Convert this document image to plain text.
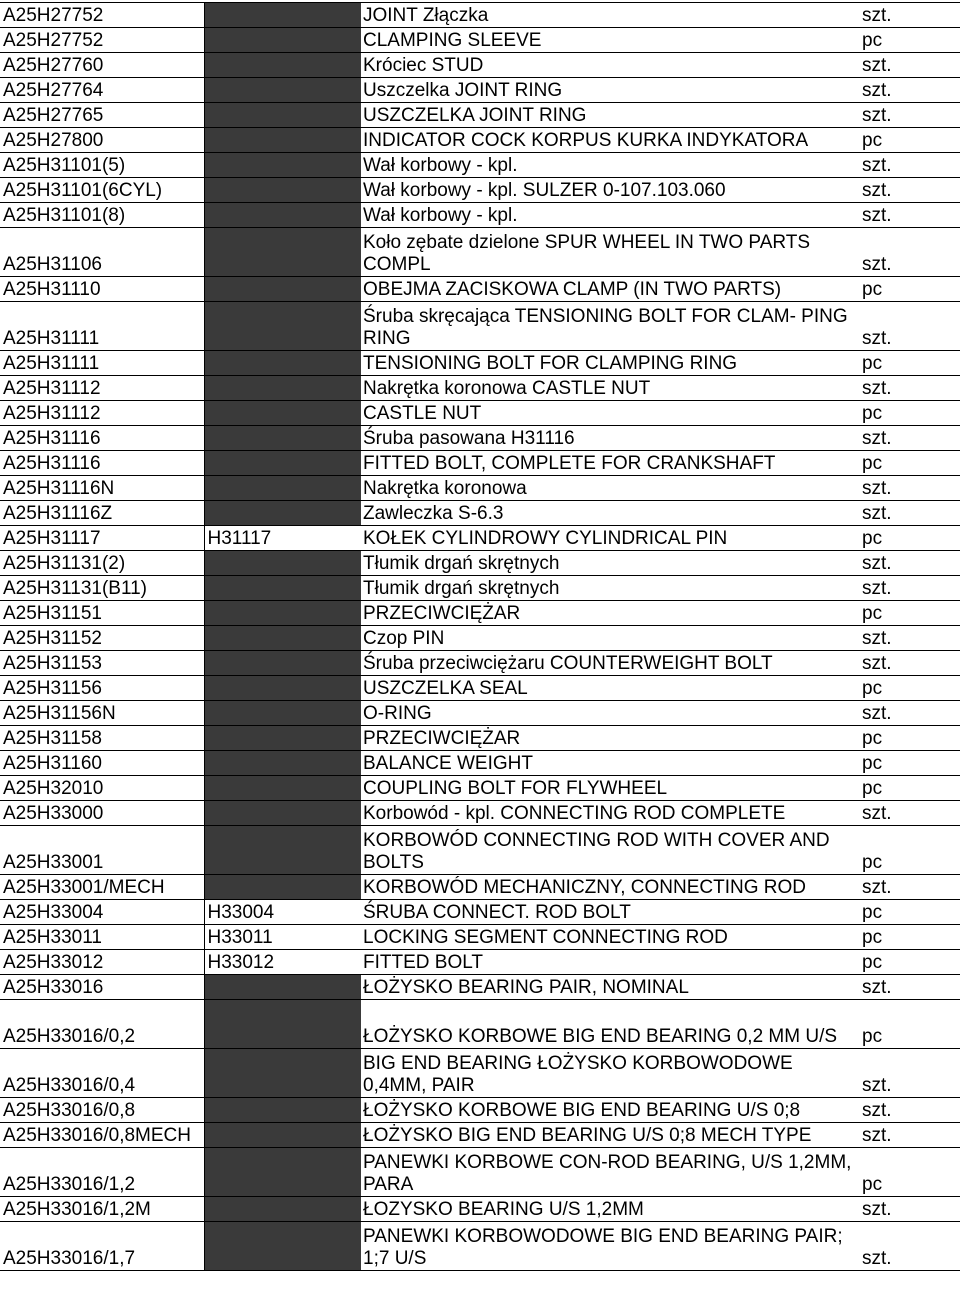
A25H27752		JOINT Złączka	szt.
A25H27752		CLAMPING SLEEVE	pc
A25H27760		Króciec STUD	szt.
A25H27764		Uszczelka JOINT RING	szt.
A25H27765		USZCZELKA JOINT RING	szt.
A25H27800		INDICATOR COCK KORPUS KURKA INDYKATORA	pc
A25H31101(5)		Wał korbowy - kpl.	szt.
A25H31101(6CYL)		Wał korbowy - kpl. SULZER 0-107.103.060	szt.
A25H31101(8)		Wał korbowy - kpl.	szt.
A25H31106		Koło zębate dzielone SPUR WHEEL IN TWO PARTS COMPL	szt.
A25H31110		OBEJMA ZACISKOWA CLAMP (IN TWO PARTS)	pc
A25H31111		Śruba skręcająca TENSIONING BOLT FOR CLAM- PING RING	szt.
A25H31111		TENSIONING BOLT FOR CLAMPING RING	pc
A25H31112		Nakrętka koronowa CASTLE NUT	szt.
A25H31112		CASTLE NUT	pc
A25H31116		Śruba pasowana H31116	szt.
A25H31116		FITTED BOLT, COMPLETE FOR CRANKSHAFT	pc
A25H31116N		Nakrętka koronowa	szt.
A25H31116Z		Zawleczka S-6.3	szt.
A25H31117	H31117	KOŁEK CYLINDROWY CYLINDRICAL PIN	pc
A25H31131(2)		Tłumik drgań skrętnych	szt.
A25H31131(B11)		Tłumik drgań skrętnych	szt.
A25H31151		PRZECIWCIĘŻAR	pc
A25H31152		Czop PIN	szt.
A25H31153		Śruba przeciwciężaru COUNTERWEIGHT BOLT	szt.
A25H31156		USZCZELKA SEAL	pc
A25H31156N		O-RING	szt.
A25H31158		PRZECIWCIĘŻAR	pc
A25H31160		BALANCE WEIGHT	pc
A25H32010		COUPLING BOLT FOR FLYWHEEL	pc
A25H33000		Korbowód - kpl. CONNECTING ROD COMPLETE	szt.
A25H33001		KORBOWÓD CONNECTING ROD WITH COVER AND BOLTS	pc
A25H33001/MECH		KORBOWÓD MECHANICZNY, CONNECTING ROD	szt.
A25H33004	H33004	ŚRUBA CONNECT. ROD BOLT	pc
A25H33011	H33011	LOCKING SEGMENT CONNECTING ROD	pc
A25H33012	H33012	FITTED BOLT	pc
A25H33016		ŁOŻYSKO BEARING PAIR, NOMINAL	szt.
A25H33016/0,2		ŁOŻYSKO KORBOWE BIG END BEARING 0,2 MM U/S	pc
A25H33016/0,4		BIG END BEARING ŁOŻYSKO KORBOWODOWE 0,4MM, PAIR	szt.
A25H33016/0,8		ŁOŻYSKO KORBOWE BIG END BEARING U/S 0;8	szt.
A25H33016/0,8MECH		ŁOŻYSKO BIG END BEARING U/S 0;8 MECH TYPE	szt.
A25H33016/1,2		PANEWKI KORBOWE CON-ROD BEARING, U/S 1,2MM, PARA	pc
A25H33016/1,2M		ŁOZYSKO BEARING U/S 1,2MM	szt.
A25H33016/1,7		PANEWKI KORBOWODOWE BIG END BEARING PAIR; 1;7 U/S	szt.
